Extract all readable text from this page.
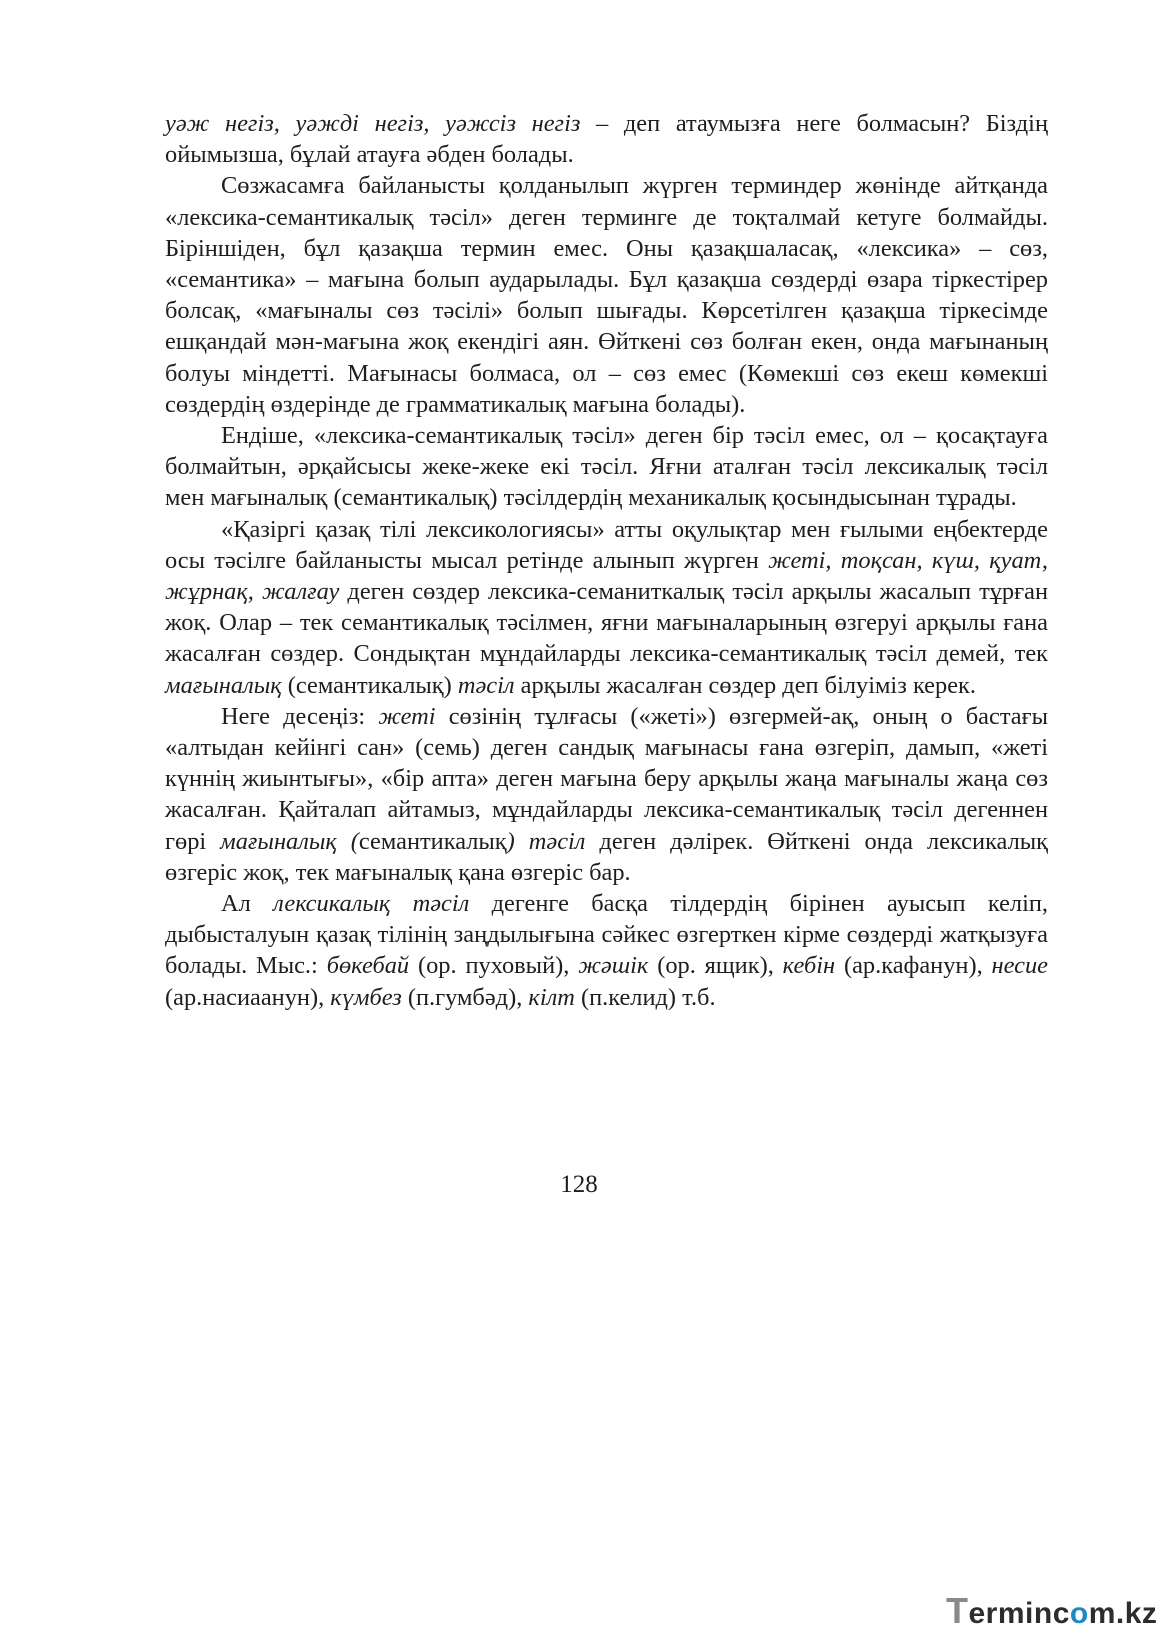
уәж негіз, уәжді негіз, уәжсіз негіз – деп атаумызға неге болмасын? Біздің ойымызша, бұлай атауға әбден болады.

Сөзжасамға байланысты қолданылып жүрген терминдер жөнінде айтқанда «лексика-семантикалық тәсіл» деген терминге де тоқталмай кетуге болмайды. Біріншіден, бұл қазақша термин емес. Оны қазақшаласақ, «лексика» – сөз, «семантика» – мағына болып аударылады. Бұл қазақша сөздерді өзара тіркестірер болсақ, «мағыналы сөз тәсілі» болып шығады. Көрсетілген қазақша тіркесімде ешқандай мән-мағына жоқ екендігі аян. Өйткені сөз болған екен, онда мағынаның болуы міндетті. Мағынасы болмаса, ол – сөз емес (Көмекші сөз екеш көмекші сөздердің өздерінде де грамматикалық мағына болады).

Ендіше, «лексика-семантикалық тәсіл» деген бір тәсіл емес, ол – қосақтауға болмайтын, әрқайсысы жеке-жеке екі тәсіл. Яғни аталған тәсіл лексикалық тәсіл мен мағыналық (семантикалық) тәсілдердің механикалық қосындысынан тұрады.

«Қазіргі қазақ тілі лексикологиясы» атты оқулықтар мен ғылыми еңбектерде осы тәсілге байланысты мысал ретінде алынып жүрген жеті, тоқсан, күш, қуат, жұрнақ, жалғау деген сөздер лексика-семаниткалық тәсіл арқылы жасалып тұрған жоқ. Олар – тек семантикалық тәсілмен, яғни мағыналарының өзгеруі арқылы ғана жасалған сөздер. Сондықтан мұндайларды лексика-семантикалық тәсіл демей, тек мағыналық (семантикалық) тәсіл арқылы жасалған сөздер деп білуіміз керек.

Неге десеңіз: жеті сөзінің тұлғасы («жеті») өзгермей-ақ, оның о бастағы «алтыдан кейінгі сан» (семь) деген сандық мағынасы ғана өзгеріп, дамып, «жеті күннің жиынтығы», «бір апта» деген мағына беру арқылы жаңа мағыналы жаңа сөз жасалған. Қайталап айтамыз, мұндайларды лексика-семантикалық тәсіл дегеннен гөрі мағыналық (семантикалық) тәсіл деген дәлірек. Өйткені онда лексикалық өзгеріс жоқ, тек мағыналық қана өзгеріс бар.

Ал лексикалық тәсіл дегенге басқа тілдердің бірінен ауысып келіп, дыбысталуын қазақ тілінің заңдылығына сәйкес өзгерткен кірме сөздерді жатқызуға болады. Мыс.: бөкебай (ор. пуховый), жәшік (ор. ящик), кебін (ар.кафанун), несие (ар.насиаанун), күмбез (п.гумбәд), кілт (п.келид) т.б.

128
Termincom.kz
